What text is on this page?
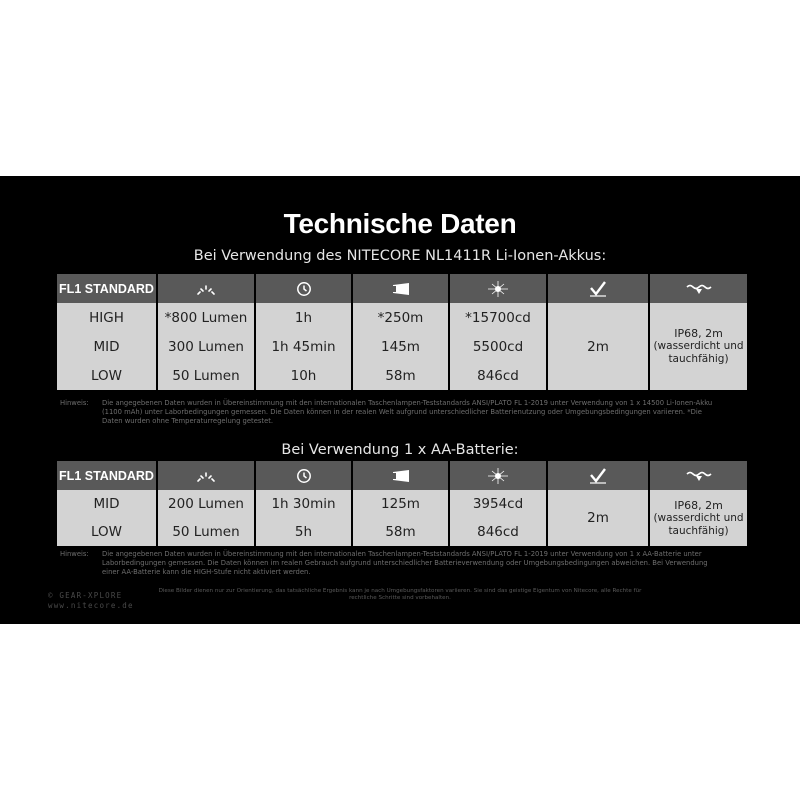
Technische Daten
Bei Verwendung des NITECORE NL1411R Li-Ionen-Akkus:
FL1 STANDARD						
HIGH	*800 Lumen	1h	*250m	*15700cd	2m	IP68, 2m
(wasserdicht und tauchfähig)
MID	300 Lumen	1h 45min	145m	5500cd		
LOW	50 Lumen	10h	58m	846cd		
Hinweis: Die angegebenen Daten wurden in Übereinstimmung mit den internationalen Taschenlampen-Teststandards ANSI/PLATO FL 1-2019 unter Verwendung von 1 x 14500 Li-Ionen-Akku (1100 mAh) unter Laborbedingungen gemessen. Die Daten können in der realen Welt aufgrund unterschiedlicher Batterienutzung oder Umgebungsbedingungen variieren. *Die Daten wurden ohne Temperaturregelung getestet.
Bei Verwendung 1 x AA-Batterie:
FL1 STANDARD						
MID	200 Lumen	1h 30min	125m	3954cd	2m	IP68, 2m
(wasserdicht und tauchfähig)
LOW	50 Lumen	5h	58m	846cd		
Hinweis: Die angegebenen Daten wurden in Übereinstimmung mit den internationalen Taschenlampen-Teststandards ANSI/PLATO FL 1-2019 unter Verwendung von 1 x AA-Batterie unter Laborbedingungen gemessen. Die Daten können im realen Gebrauch aufgrund unterschiedlicher Batterieverwendung oder Umgebungsbedingungen abweichen. Bei Verwendung einer AA-Batterie kann die HIGH-Stufe nicht aktiviert werden.
© GEAR-XPLORE
www.nitecore.de
Diese Bilder dienen nur zur Orientierung, das tatsächliche Ergebnis kann je nach Umgebungsfaktoren variieren. Sie sind das geistige Eigentum von Nitecore, alle Rechte für rechtliche Schritte sind vorbehalten.
